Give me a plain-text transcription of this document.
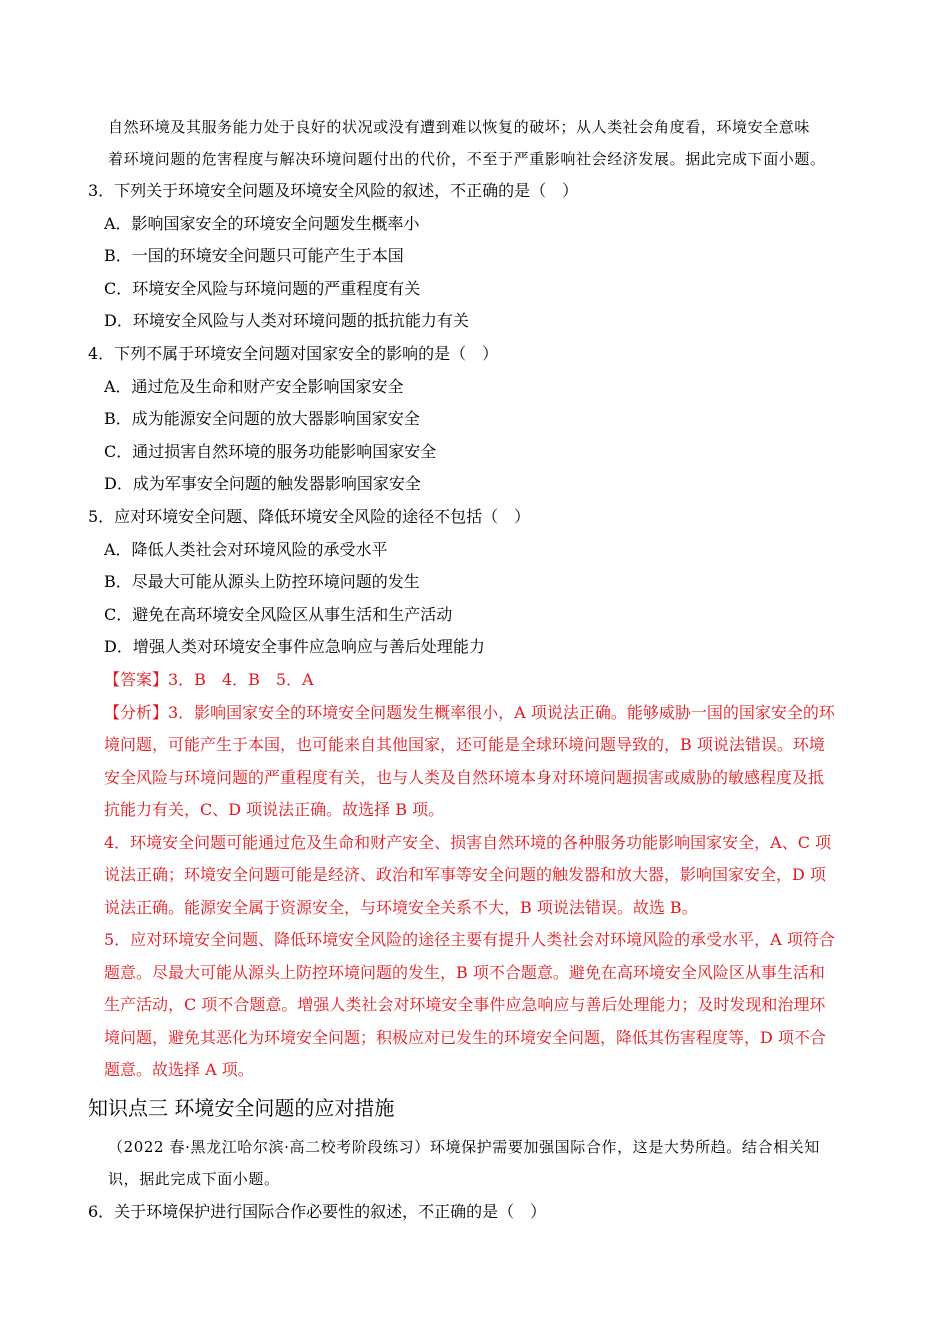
自然环境及其服务能力处于良好的状况或没有遭到难以恢复的破坏；从人类社会角度看，环境安全意味
着环境问题的危害程度与解决环境问题付出的代价，不至于严重影响社会经济发展。据此完成下面小题。
3．下列关于环境安全问题及环境安全风险的叙述，不正确的是（　）
A．影响国家安全的环境安全问题发生概率小
B．一国的环境安全问题只可能产生于本国
C．环境安全风险与环境问题的严重程度有关
D．环境安全风险与人类对环境问题的抵抗能力有关
4．下列不属于环境安全问题对国家安全的影响的是（　）
A．通过危及生命和财产安全影响国家安全
B．成为能源安全问题的放大器影响国家安全
C．通过损害自然环境的服务功能影响国家安全
D．成为军事安全问题的触发器影响国家安全
5．应对环境安全问题、降低环境安全风险的途径不包括（　）
A．降低人类社会对环境风险的承受水平
B．尽最大可能从源头上防控环境问题的发生
C．避免在高环境安全风险区从事生活和生产活动
D．增强人类对环境安全事件应急响应与善后处理能力
【答案】3．B　4．B　5．A
【分析】3．影响国家安全的环境安全问题发生概率很小，A 项说法正确。能够威胁一国的国家安全的环
境问题，可能产生于本国，也可能来自其他国家，还可能是全球环境问题导致的，B 项说法错误。环境
安全风险与环境问题的严重程度有关，也与人类及自然环境本身对环境问题损害或威胁的敏感程度及抵
抗能力有关，C、D 项说法正确。故选择 B 项。
4．环境安全问题可能通过危及生命和财产安全、损害自然环境的各种服务功能影响国家安全，A、C 项
说法正确；环境安全问题可能是经济、政治和军事等安全问题的触发器和放大器，影响国家安全，D 项
说法正确。能源安全属于资源安全，与环境安全关系不大，B 项说法错误。故选 B。
5．应对环境安全问题、降低环境安全风险的途径主要有提升人类社会对环境风险的承受水平，A 项符合
题意。尽最大可能从源头上防控环境问题的发生，B 项不合题意。避免在高环境安全风险区从事生活和
生产活动，C 项不合题意。增强人类社会对环境安全事件应急响应与善后处理能力；及时发现和治理环
境问题，避免其恶化为环境安全问题；积极应对已发生的环境安全问题，降低其伤害程度等，D 项不合
题意。故选择 A 项。
知识点三 环境安全问题的应对措施
（2022 春·黑龙江哈尔滨·高二校考阶段练习）环境保护需要加强国际合作，这是大势所趋。结合相关知
识，据此完成下面小题。
6．关于环境保护进行国际合作必要性的叙述，不正确的是（　）
